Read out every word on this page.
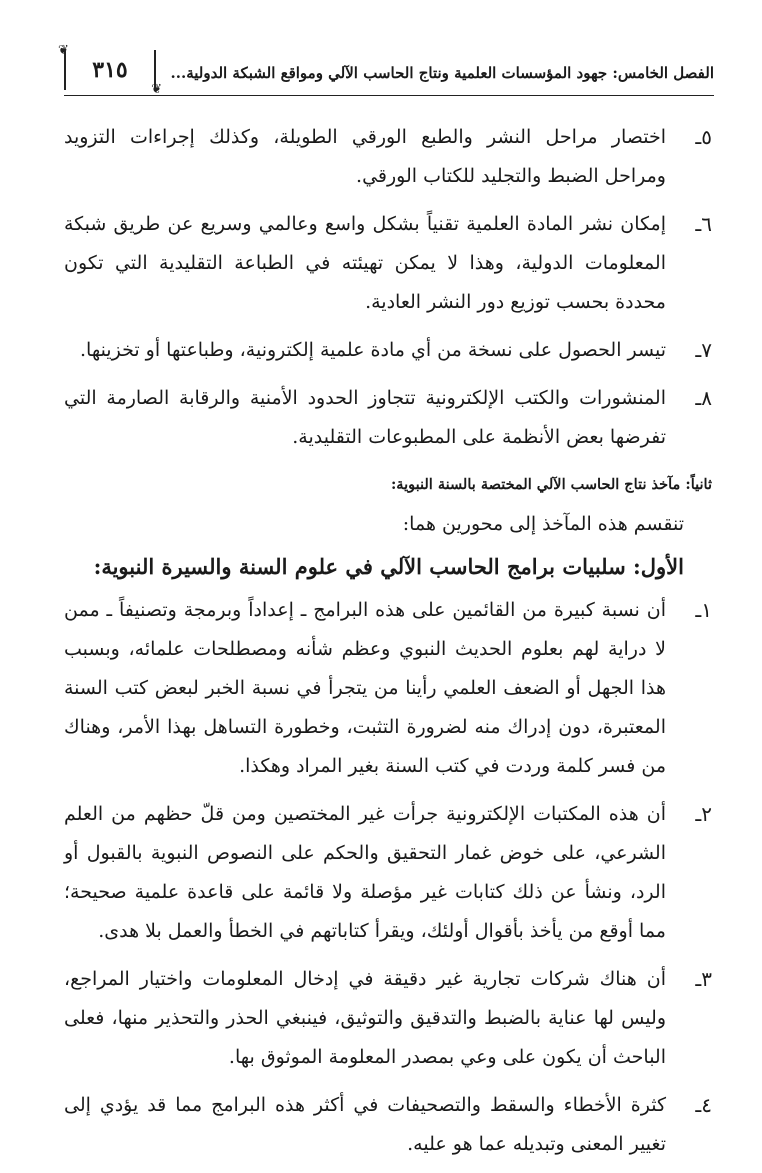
الفصل الخامس: جهود المؤسسات العلمية ونتاج الحاسب الآلي ومواقع الشبكة الدولية...
❦
٣١٥
❦
٥ـ
اختصار مراحل النشر والطبع الورقي الطويلة، وكذلك إجراءات التزويد ومراحل الضبط والتجليد للكتاب الورقي.
٦ـ
إمكان نشر المادة العلمية تقنياً بشكل واسع وعالمي وسريع عن طريق شبكة المعلومات الدولية، وهذا لا يمكن تهيئته في الطباعة التقليدية التي تكون محددة بحسب توزيع دور النشر العادية.
٧ـ
تيسر الحصول على نسخة من أي مادة علمية إلكترونية، وطباعتها أو تخزينها.
٨ـ
المنشورات والكتب الإلكترونية تتجاوز الحدود الأمنية والرقابة الصارمة التي تفرضها بعض الأنظمة على المطبوعات التقليدية.
ثانياً: مآخذ نتاج الحاسب الآلي المختصة بالسنة النبوية:
تنقسم هذه المآخذ إلى محورين هما:
الأول: سلبيات برامج الحاسب الآلي في علوم السنة والسيرة النبوية:
١ـ
أن نسبة كبيرة من القائمين على هذه البرامج ـ إعداداً وبرمجة وتصنيفاً ـ ممن لا دراية لهم بعلوم الحديث النبوي وعظم شأنه ومصطلحات علمائه، وبسبب هذا الجهل أو الضعف العلمي رأينا من يتجرأ في نسبة الخبر لبعض كتب السنة المعتبرة، دون إدراك منه لضرورة التثبت، وخطورة التساهل بهذا الأمر، وهناك من فسر كلمة وردت في كتب السنة بغير المراد وهكذا.
٢ـ
أن هذه المكتبات الإلكترونية جرأت غير المختصين ومن قلّ حظهم من العلم الشرعي، على خوض غمار التحقيق والحكم على النصوص النبوية بالقبول أو الرد، ونشأ عن ذلك كتابات غير مؤصلة ولا قائمة على قاعدة علمية صحيحة؛ مما أوقع من يأخذ بأقوال أولئك، ويقرأ كتاباتهم في الخطأ والعمل بلا هدى.
٣ـ
أن هناك شركات تجارية غير دقيقة في إدخال المعلومات واختيار المراجع، وليس لها عناية بالضبط والتدقيق والتوثيق، فينبغي الحذر والتحذير منها، فعلى الباحث أن يكون على وعي بمصدر المعلومة الموثوق بها.
٤ـ
كثرة الأخطاء والسقط والتصحيفات في أكثر هذه البرامج مما قد يؤدي إلى تغيير المعنى وتبديله عما هو عليه.
